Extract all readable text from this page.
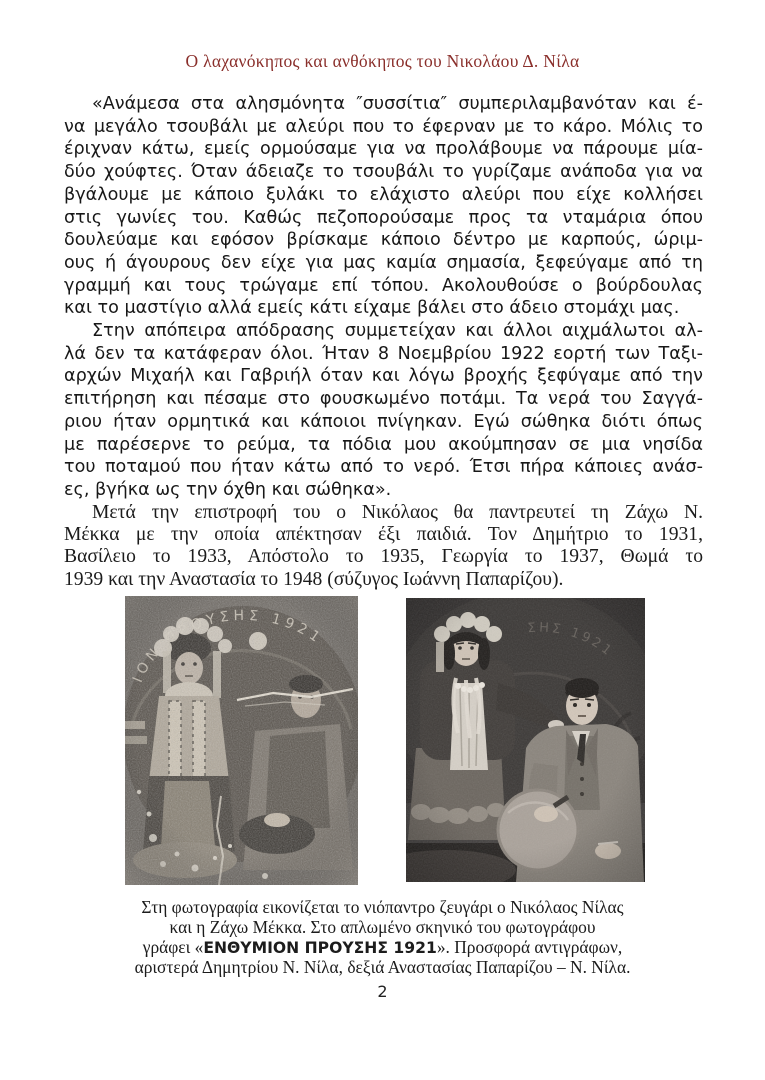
Ο λαχανόκηπος και ανθόκηπος του Νικολάου Δ. Νίλα
«Ανάμεσα στα αλησμόνητα ″συσσίτια″ συμπεριλαμβανόταν και έ-
να μεγάλο τσουβάλι με αλεύρι που το έφερναν με το κάρο. Μόλις το
έριχναν κάτω, εμείς ορμούσαμε για να προλάβουμε να πάρουμε μία-
δύο χούφτες. Όταν άδειαζε το τσουβάλι το γυρίζαμε ανάποδα για να
βγάλουμε με κάποιο ξυλάκι το ελάχιστο αλεύρι που είχε κολλήσει
στις γωνίες του. Καθώς πεζοπορούσαμε προς τα νταμάρια όπου
δουλεύαμε και εφόσον βρίσκαμε κάποιο δέντρο με καρπούς, ώριμ-
ους ή άγουρους δεν είχε για μας καμία σημασία, ξεφεύγαμε από τη
γραμμή και τους τρώγαμε επί τόπου. Ακολουθούσε ο βούρδουλας
και το μαστίγιο αλλά εμείς κάτι είχαμε βάλει στο άδειο στομάχι μας.
Στην απόπειρα απόδρασης συμμετείχαν και άλλοι αιχμάλωτοι αλ-
λά δεν τα κατάφεραν όλοι. Ήταν 8 Νοεμβρίου 1922 εορτή των Ταξι-
αρχών Μιχαήλ και Γαβριήλ όταν και λόγω βροχής ξεφύγαμε από την
επιτήρηση και πέσαμε στο φουσκωμένο ποτάμι. Τα νερά του Σαγγά-
ριου ήταν ορμητικά και κάποιοι πνίγηκαν. Εγώ σώθηκα διότι όπως
με παρέσερνε το ρεύμα, τα πόδια μου ακούμπησαν σε μια νησίδα
του ποταμού που ήταν κάτω από το νερό. Έτσι πήρα κάποιες ανάσ-
ες, βγήκα ως την όχθη και σώθηκα».
Μετά την επιστροφή του ο Νικόλαος θα παντρευτεί τη Ζάχω Ν.
Μέκκα με την οποία απέκτησαν έξι παιδιά. Τον Δημήτριο το 1931,
Βασίλειο το 1933, Απόστολο το 1935, Γεωργία το 1937, Θωμά το
1939 και την Αναστασία το 1948 (σύζυγος Ιωάννη Παπαρίζου).
Στη φωτογραφία εικονίζεται το νιόπαντρο ζευγάρι ο Νικόλαος Νίλας
και η Ζάχω Μέκκα. Στο απλωμένο σκηνικό του φωτογράφου
γράφει «ΕΝΘΥΜΙΟΝ ΠΡΟΥΣΗΣ 1921». Προσφορά αντιγράφων,
αριστερά Δημητρίου Ν. Νίλα, δεξιά Αναστασίας Παπαρίζου – Ν. Νίλα.
2
